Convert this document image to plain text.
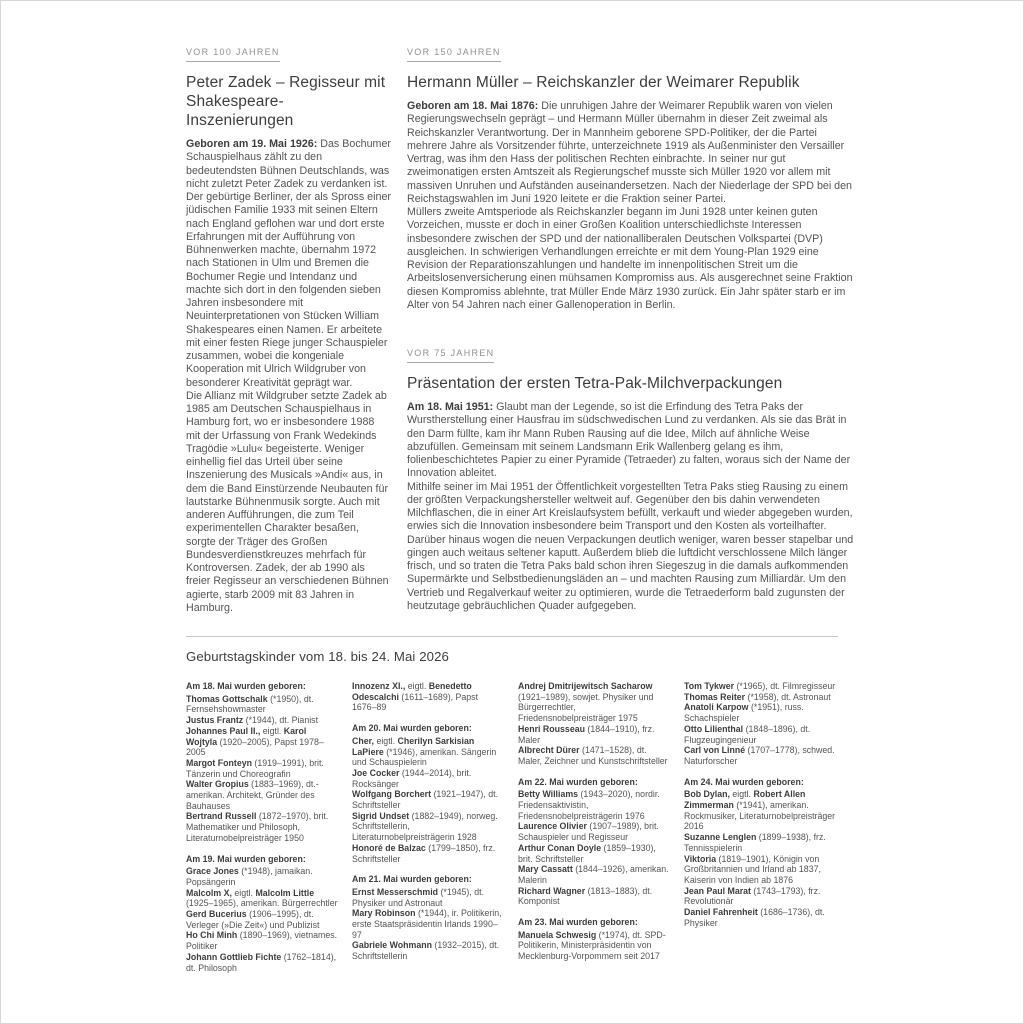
VOR 100 JAHREN
Peter Zadek – Regisseur mit Shakespeare-Inszenierungen

Geboren am 19. Mai 1926: Das Bochumer Schauspielhaus zählt zu den bedeutendsten Bühnen Deutschlands, was nicht zuletzt Peter Zadek zu verdanken ist. Der gebürtige Berliner, der als Spross einer jüdischen Familie 1933 mit seinen Eltern nach England geflohen war und dort erste Erfahrungen mit der Aufführung von Bühnenwerken machte, übernahm 1972 nach Stationen in Ulm und Bremen die Bochumer Regie und Intendanz und machte sich dort in den folgenden sieben Jahren insbesondere mit Neuinterpretationen von Stücken William Shakespeares einen Namen. Er arbeitete mit einer festen Riege junger Schauspieler zusammen, wobei die kongeniale Kooperation mit Ulrich Wildgruber von besonderer Kreativität geprägt war.

Die Allianz mit Wildgruber setzte Zadek ab 1985 am Deutschen Schauspielhaus in Hamburg fort, wo er insbesondere 1988 mit der Urfassung von Frank Wedekinds Tragödie »Lulu« begeisterte. Weniger einhellig fiel das Urteil über seine Inszenierung des Musicals »Andi« aus, in dem die Band Einstürzende Neubauten für lautstarke Bühnenmusik sorgte. Auch mit anderen Aufführungen, die zum Teil experimentellen Charakter besaßen, sorgte der Träger des Großen Bundesverdienstkreuzes mehrfach für Kontroversen. Zadek, der ab 1990 als freier Regisseur an verschiedenen Bühnen agierte, starb 2009 mit 83 Jahren in Hamburg.

VOR 150 JAHREN
Hermann Müller – Reichskanzler der Weimarer Republik

Geboren am 18. Mai 1876: Die unruhigen Jahre der Weimarer Republik waren von vielen Regierungswechseln geprägt – und Hermann Müller übernahm in dieser Zeit zweimal als Reichskanzler Verantwortung. Der in Mannheim geborene SPD-Politiker, der die Partei mehrere Jahre als Vorsitzender führte, unterzeichnete 1919 als Außenminister den Versailler Vertrag, was ihm den Hass der politischen Rechten einbrachte. In seiner nur gut zweimonatigen ersten Amtszeit als Regierungschef musste sich Müller 1920 vor allem mit massiven Unruhen und Aufständen auseinandersetzen. Nach der Niederlage der SPD bei den Reichstagswahlen im Juni 1920 leitete er die Fraktion seiner Partei.

Müllers zweite Amtsperiode als Reichskanzler begann im Juni 1928 unter keinen guten Vorzeichen, musste er doch in einer Großen Koalition unterschiedlichste Interessen insbesondere zwischen der SPD und der nationalliberalen Deutschen Volkspartei (DVP) ausgleichen. In schwierigen Verhandlungen erreichte er mit dem Young-Plan 1929 eine Revision der Reparationszahlungen und handelte im innenpolitischen Streit um die Arbeitslosenversicherung einen mühsamen Kompromiss aus. Als ausgerechnet seine Fraktion diesen Kompromiss ablehnte, trat Müller Ende März 1930 zurück. Ein Jahr später starb er im Alter von 54 Jahren nach einer Gallenoperation in Berlin.

VOR 75 JAHREN
Präsentation der ersten Tetra-Pak-Milchverpackungen

Am 18. Mai 1951: Glaubt man der Legende, so ist die Erfindung des Tetra Paks der Wurstherstellung einer Hausfrau im südschwedischen Lund zu verdanken. Als sie das Brät in den Darm füllte, kam ihr Mann Ruben Rausing auf die Idee, Milch auf ähnliche Weise abzufüllen. Gemeinsam mit seinem Landsmann Erik Wallenberg gelang es ihm, folienbeschichtetes Papier zu einer Pyramide (Tetraeder) zu falten, woraus sich der Name der Innovation ableitet.

Mithilfe seiner im Mai 1951 der Öffentlichkeit vorgestellten Tetra Paks stieg Rausing zu einem der größten Verpackungshersteller weltweit auf. Gegenüber den bis dahin verwendeten Milchflaschen, die in einer Art Kreislaufsystem befüllt, verkauft und wieder abgegeben wurden, erwies sich die Innovation insbesondere beim Transport und den Kosten als vorteilhafter. Darüber hinaus wogen die neuen Verpackungen deutlich weniger, waren besser stapelbar und gingen auch weitaus seltener kaputt. Außerdem blieb die luftdicht verschlossene Milch länger frisch, und so traten die Tetra Paks bald schon ihren Siegeszug in die damals aufkommenden Supermärkte und Selbstbedienungsläden an – und machten Rausing zum Milliardär. Um den Vertrieb und Regalverkauf weiter zu optimieren, wurde die Tetraederform bald zugunsten der heutzutage gebräuchlichen Quader aufgegeben.

Geburtstagskinder vom 18. bis 24. Mai 2026
Am 18. Mai wurden geboren:
Thomas Gottschalk (*1950), dt. Fernsehshowmaster
Justus Frantz (*1944), dt. Pianist
Johannes Paul II., eigtl. Karol Wojtyla (1920–2005), Papst 1978–2005
Margot Fonteyn (1919–1991), brit. Tänzerin und Choreografin
Walter Gropius (1883–1969), dt.-amerikan. Architekt, Gründer des Bauhauses
Bertrand Russell (1872–1970), brit. Mathematiker und Philosoph, Literaturnobelpreisträger 1950
Am 19. Mai wurden geboren:
Grace Jones (*1948), jamaikan. Popsängerin
Malcolm X, eigtl. Malcolm Little (1925–1965), amerikan. Bürgerrechtler
Gerd Bucerius (1906–1995), dt. Verleger (»Die Zeit«) und Publizist
Ho Chi Minh (1890–1969), vietnames. Politiker
Johann Gottlieb Fichte (1762–1814), dt. Philosoph
Innozenz XI., eigtl. Benedetto Odescalchi (1611–1689), Papst 1676–89
Am 20. Mai wurden geboren:
Cher, eigtl. Cherilyn Sarkisian LaPiere (*1946), amerikan. Sängerin und Schauspielerin
Joe Cocker (1944–2014), brit. Rocksänger
Wolfgang Borchert (1921–1947), dt. Schriftsteller
Sigrid Undset (1882–1949), norweg. Schriftstellerin, Literaturnobelpreisträgerin 1928
Honoré de Balzac (1799–1850), frz. Schriftsteller
Am 21. Mai wurden geboren:
Ernst Messerschmid (*1945), dt. Physiker und Astronaut
Mary Robinson (*1944), ir. Politikerin, erste Staatspräsidentin Irlands 1990–97
Gabriele Wohmann (1932–2015), dt. Schriftstellerin
Andrej Dmitrijewitsch Sacharow (1921–1989), sowjet. Physiker und Bürgerrechtler, Friedensnobelpreisträger 1975
Henri Rousseau (1844–1910), frz. Maler
Albrecht Dürer (1471–1528), dt. Maler, Zeichner und Kunstschriftsteller
Am 22. Mai wurden geboren:
Betty Williams (1943–2020), nordir. Friedensaktivistin, Friedensnobelpreisträgerin 1976
Laurence Olivier (1907–1989), brit. Schauspieler und Regisseur
Arthur Conan Doyle (1859–1930), brit. Schriftsteller
Mary Cassatt (1844–1926), amerikan. Malerin
Richard Wagner (1813–1883), dt. Komponist
Am 23. Mai wurden geboren:
Manuela Schwesig (*1974), dt. SPD-Politikerin, Ministerpräsidentin von Mecklenburg-Vorpommern seit 2017
Tom Tykwer (*1965), dt. Filmregisseur
Thomas Reiter (*1958), dt. Astronaut
Anatoli Karpow (*1951), russ. Schachspieler
Otto Lilienthal (1848–1896), dt. Flugzeugingenieur
Carl von Linné (1707–1778), schwed. Naturforscher
Am 24. Mai wurden geboren:
Bob Dylan, eigtl. Robert Allen Zimmerman (*1941), amerikan. Rockmusiker, Literaturnobelpreisträger 2016
Suzanne Lenglen (1899–1938), frz. Tennisspielerin
Viktoria (1819–1901), Königin von Großbritannien und Irland ab 1837, Kaiserin von Indien ab 1876
Jean Paul Marat (1743–1793), frz. Revolutionär
Daniel Fahrenheit (1686–1736), dt. Physiker
